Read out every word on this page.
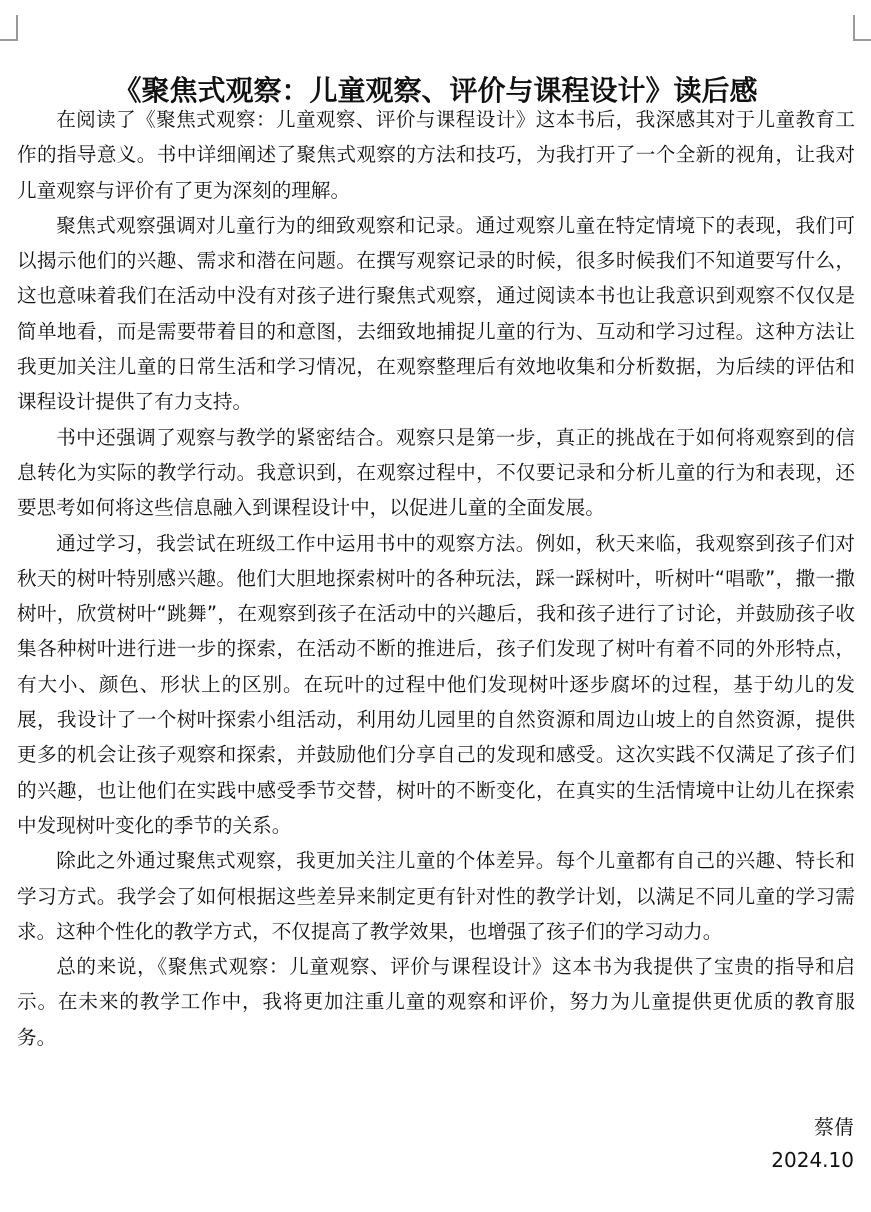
《聚焦式观察：儿童观察、评价与课程设计》读后感

在阅读了《聚焦式观察：儿童观察、评价与课程设计》这本书后，我深感其对于儿童教育工作的指导意义。书中详细阐述了聚焦式观察的方法和技巧，为我打开了一个全新的视角，让我对儿童观察与评价有了更为深刻的理解。

聚焦式观察强调对儿童行为的细致观察和记录。通过观察儿童在特定情境下的表现，我们可以揭示他们的兴趣、需求和潜在问题。在撰写观察记录的时候，很多时候我们不知道要写什么，这也意味着我们在活动中没有对孩子进行聚焦式观察，通过阅读本书也让我意识到观察不仅仅是简单地看，而是需要带着目的和意图，去细致地捕捉儿童的行为、互动和学习过程。这种方法让我更加关注儿童的日常生活和学习情况，在观察整理后有效地收集和分析数据，为后续的评估和课程设计提供了有力支持。

书中还强调了观察与教学的紧密结合。观察只是第一步，真正的挑战在于如何将观察到的信息转化为实际的教学行动。我意识到，在观察过程中，不仅要记录和分析儿童的行为和表现，还要思考如何将这些信息融入到课程设计中，以促进儿童的全面发展。

通过学习，我尝试在班级工作中运用书中的观察方法。例如，秋天来临，我观察到孩子们对秋天的树叶特别感兴趣。他们大胆地探索树叶的各种玩法，踩一踩树叶，听树叶“唱歌”，撒一撒树叶，欣赏树叶“跳舞”，在观察到孩子在活动中的兴趣后，我和孩子进行了讨论，并鼓励孩子收集各种树叶进行进一步的探索，在活动不断的推进后，孩子们发现了树叶有着不同的外形特点，有大小、颜色、形状上的区别。在玩叶的过程中他们发现树叶逐步腐坏的过程，基于幼儿的发展，我设计了一个树叶探索小组活动，利用幼儿园里的自然资源和周边山坡上的自然资源，提供更多的机会让孩子观察和探索，并鼓励他们分享自己的发现和感受。这次实践不仅满足了孩子们的兴趣，也让他们在实践中感受季节交替，树叶的不断变化，在真实的生活情境中让幼儿在探索中发现树叶变化的季节的关系。

除此之外通过聚焦式观察，我更加关注儿童的个体差异。每个儿童都有自己的兴趣、特长和学习方式。我学会了如何根据这些差异来制定更有针对性的教学计划，以满足不同儿童的学习需求。这种个性化的教学方式，不仅提高了教学效果，也增强了孩子们的学习动力。

总的来说，《聚焦式观察：儿童观察、评价与课程设计》这本书为我提供了宝贵的指导和启示。在未来的教学工作中，我将更加注重儿童的观察和评价，努力为儿童提供更优质的教育服务。

蔡倩
2024.10
